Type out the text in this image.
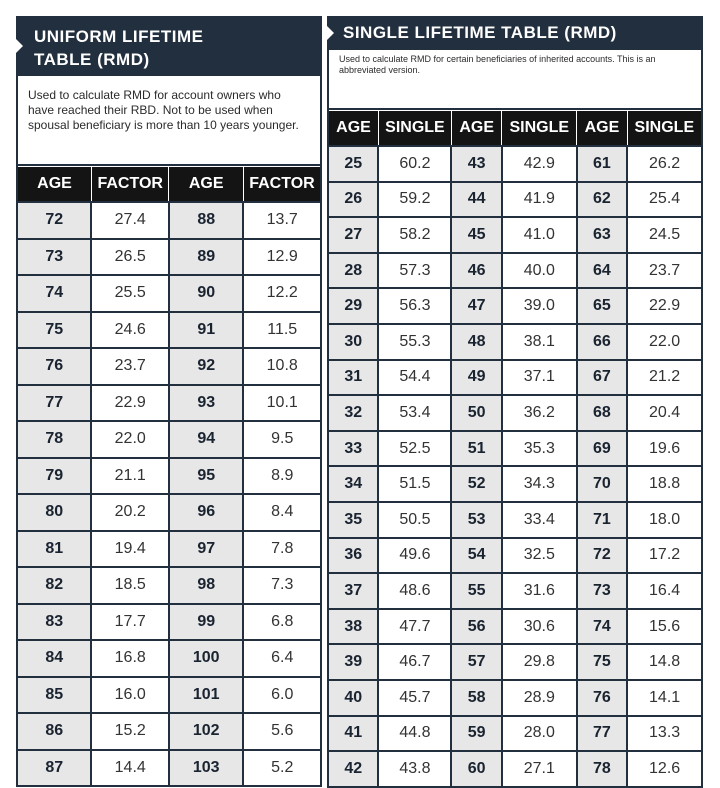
UNIFORM LIFETIME
TABLE (RMD)
Used to calculate RMD for account owners who have reached their RBD. Not to be used when spousal beneficiary is more than 10 years younger.
AGE	FACTOR	AGE	FACTOR
72	27.4	88	13.7
73	26.5	89	12.9
74	25.5	90	12.2
75	24.6	91	11.5
76	23.7	92	10.8
77	22.9	93	10.1
78	22.0	94	9.5
79	21.1	95	8.9
80	20.2	96	8.4
81	19.4	97	7.8
82	18.5	98	7.3
83	17.7	99	6.8
84	16.8	100	6.4
85	16.0	101	6.0
86	15.2	102	5.6
87	14.4	103	5.2
SINGLE LIFETIME TABLE (RMD)
Used to calculate RMD for certain beneficiaries of inherited accounts. This is an abbreviated version.
AGE	SINGLE	AGE	SINGLE	AGE	SINGLE
25	60.2	43	42.9	61	26.2
26	59.2	44	41.9	62	25.4
27	58.2	45	41.0	63	24.5
28	57.3	46	40.0	64	23.7
29	56.3	47	39.0	65	22.9
30	55.3	48	38.1	66	22.0
31	54.4	49	37.1	67	21.2
32	53.4	50	36.2	68	20.4
33	52.5	51	35.3	69	19.6
34	51.5	52	34.3	70	18.8
35	50.5	53	33.4	71	18.0
36	49.6	54	32.5	72	17.2
37	48.6	55	31.6	73	16.4
38	47.7	56	30.6	74	15.6
39	46.7	57	29.8	75	14.8
40	45.7	58	28.9	76	14.1
41	44.8	59	28.0	77	13.3
42	43.8	60	27.1	78	12.6
